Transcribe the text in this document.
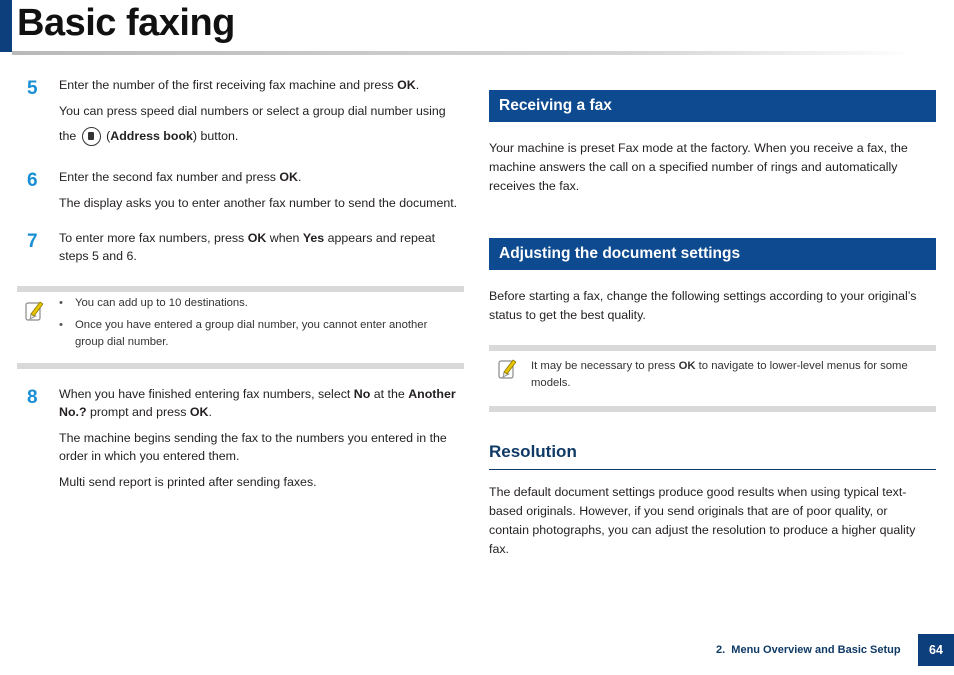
Basic faxing
5 Enter the number of the first receiving fax machine and press OK.
You can press speed dial numbers or select a group dial number using
the (Address book) button.
6 Enter the second fax number and press OK.
The display asks you to enter another fax number to send the document.
7 To enter more fax numbers, press OK when Yes appears and repeat
steps 5 and 6.
• You can add up to 10 destinations.
• Once you have entered a group dial number, you cannot enter another
group dial number.
8 When you have finished entering fax numbers, select No at the Another
No.? prompt and press OK.
The machine begins sending the fax to the numbers you entered in the
order in which you entered them.
Multi send report is printed after sending faxes.
Receiving a fax
Your machine is preset Fax mode at the factory. When you receive a fax, the
machine answers the call on a specified number of rings and automatically
receives the fax.
Adjusting the document settings
Before starting a fax, change the following settings according to your original’s
status to get the best quality.
It may be necessary to press OK to navigate to lower-level menus for some
models.
Resolution
The default document settings produce good results when using typical text-
based originals. However, if you send originals that are of poor quality, or
contain photographs, you can adjust the resolution to produce a higher quality
fax.
2.  Menu Overview and Basic Setup	64
